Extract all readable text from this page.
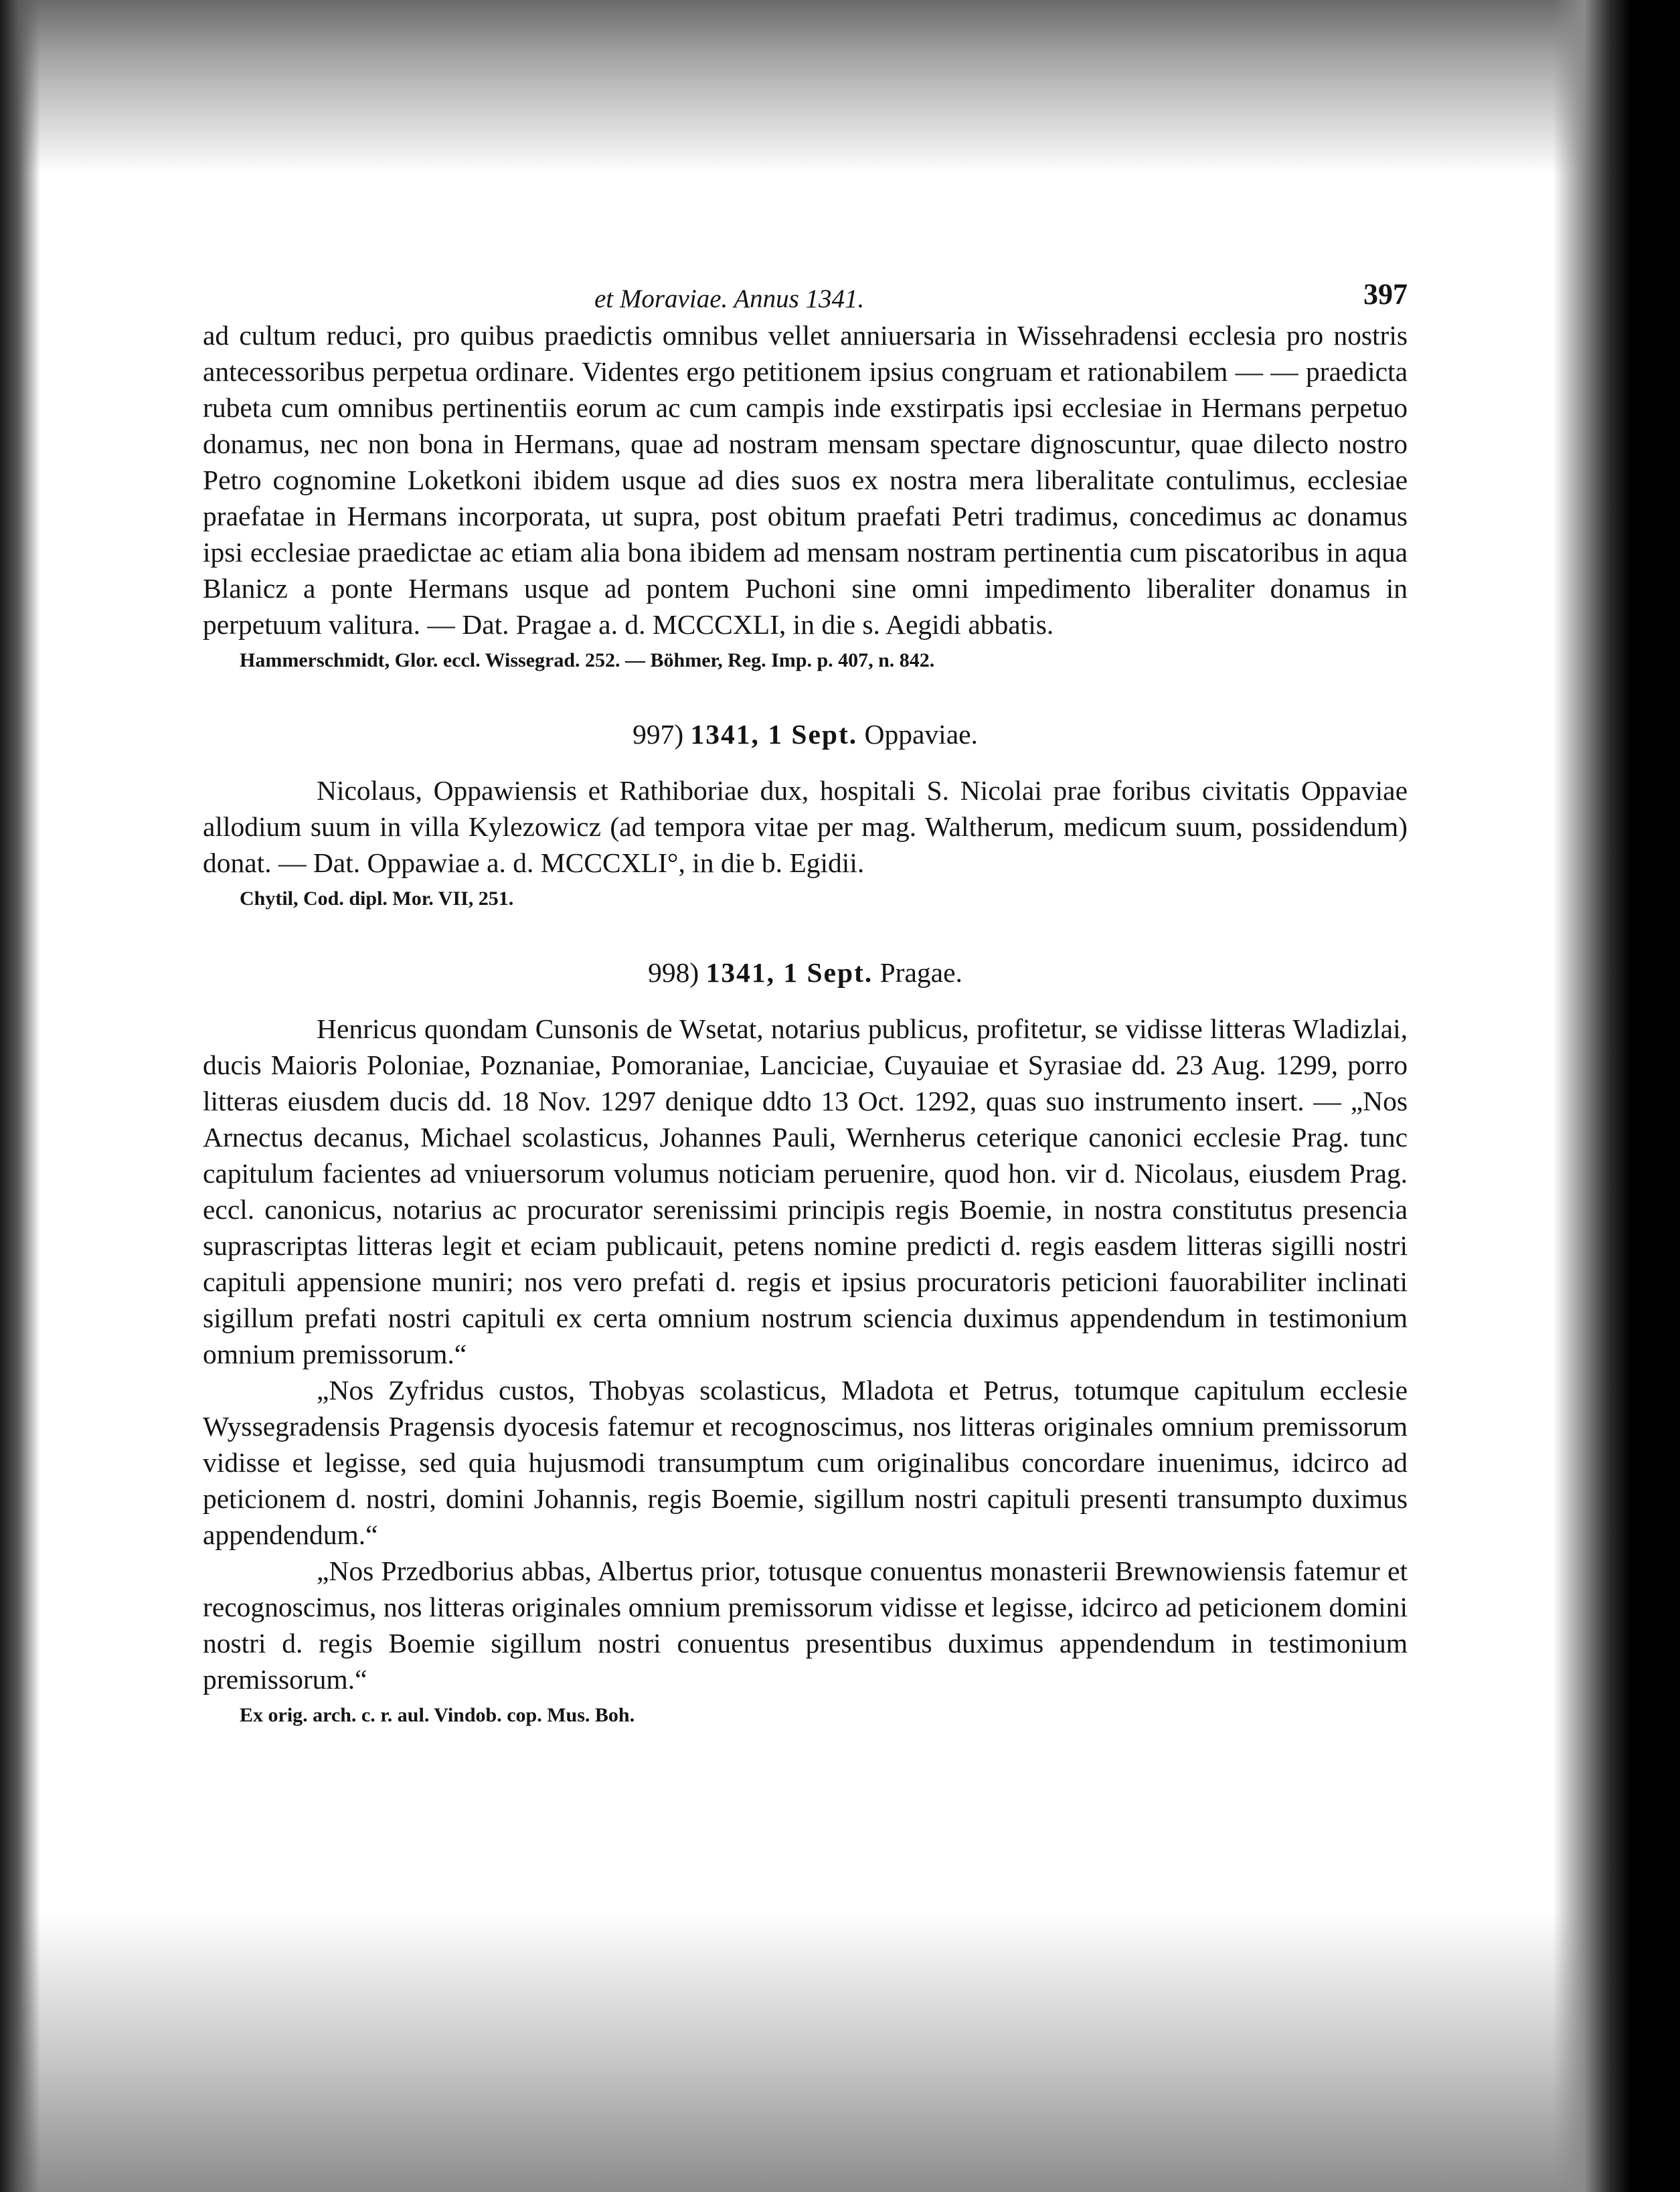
et Moraviae. Annus 1341.	397

ad cultum reduci, pro quibus praedictis omnibus vellet anniuersaria in Wissehradensi ecclesia pro nostris antecessoribus perpetua ordinare. Videntes ergo petitionem ipsius congruam et rationabilem — — praedicta rubeta cum omnibus pertinentiis eorum ac cum campis inde exstirpatis ipsi ecclesiae in Hermans perpetuo donamus, nec non bona in Hermans, quae ad nostram mensam spectare dignoscuntur, quae dilecto nostro Petro cognomine Loketkoni ibidem usque ad dies suos ex nostra mera liberalitate contulimus, ecclesiae praefatae in Hermans incorporata, ut supra, post obitum praefati Petri tradimus, concedimus ac donamus ipsi ecclesiae praedictae ac etiam alia bona ibidem ad mensam nostram pertinentia cum piscatoribus in aqua Blanicz a ponte Hermans usque ad pontem Puchoni sine omni impedimento liberaliter donamus in perpetuum valitura. — Dat. Pragae a. d. MCCCXLI, in die s. Aegidi abbatis.

Hammerschmidt, Glor. eccl. Wissegrad. 252. — Böhmer, Reg. Imp. p. 407, n. 842.
997) 1341, 1 Sept. Oppaviae.

Nicolaus, Oppawiensis et Rathiboriae dux, hospitali S. Nicolai prae foribus civitatis Oppaviae allodium suum in villa Kylezowicz (ad tempora vitae per mag. Waltherum, medicum suum, possidendum) donat. — Dat. Oppawiae a. d. MCCCXLI°, in die b. Egidii.

Chytil, Cod. dipl. Mor. VII, 251.
998) 1341, 1 Sept. Pragae.

Henricus quondam Cunsonis de Wsetat, notarius publicus, profitetur, se vidisse litteras Wladizlai, ducis Maioris Poloniae, Poznaniae, Pomoraniae, Lanciciae, Cuyauiae et Syrasiae dd. 23 Aug. 1299, porro litteras eiusdem ducis dd. 18 Nov. 1297 denique ddto 13 Oct. 1292, quas suo instrumento insert. — „Nos Arnectus decanus, Michael scolasticus, Johannes Pauli, Wernherus ceterique canonici ecclesie Prag. tunc capitulum facientes ad vniuersorum volumus noticiam peruenire, quod hon. vir d. Nicolaus, eiusdem Prag. eccl. canonicus, notarius ac procurator serenissimi principis regis Boemie, in nostra constitutus presencia suprascriptas litteras legit et eciam publicauit, petens nomine predicti d. regis easdem litteras sigilli nostri capituli appensione muniri; nos vero prefati d. regis et ipsius procuratoris peticioni fauorabiliter inclinati sigillum prefati nostri capituli ex certa omnium nostrum sciencia duximus appendendum in testimonium omnium premissorum.“

„Nos Zyfridus custos, Thobyas scolasticus, Mladota et Petrus, totumque capitulum ecclesie Wyssegradensis Pragensis dyocesis fatemur et recognoscimus, nos litteras originales omnium premissorum vidisse et legisse, sed quia hujusmodi transumptum cum originalibus concordare inuenimus, idcirco ad peticionem d. nostri, domini Johannis, regis Boemie, sigillum nostri capituli presenti transumpto duximus appendendum.“

„Nos Przedborius abbas, Albertus prior, totusque conuentus monasterii Brewnowiensis fatemur et recognoscimus, nos litteras originales omnium premissorum vidisse et legisse, idcirco ad peticionem domini nostri d. regis Boemie sigillum nostri conuentus presentibus duximus appendendum in testimonium premissorum.“

Ex orig. arch. c. r. aul. Vindob. cop. Mus. Boh.
